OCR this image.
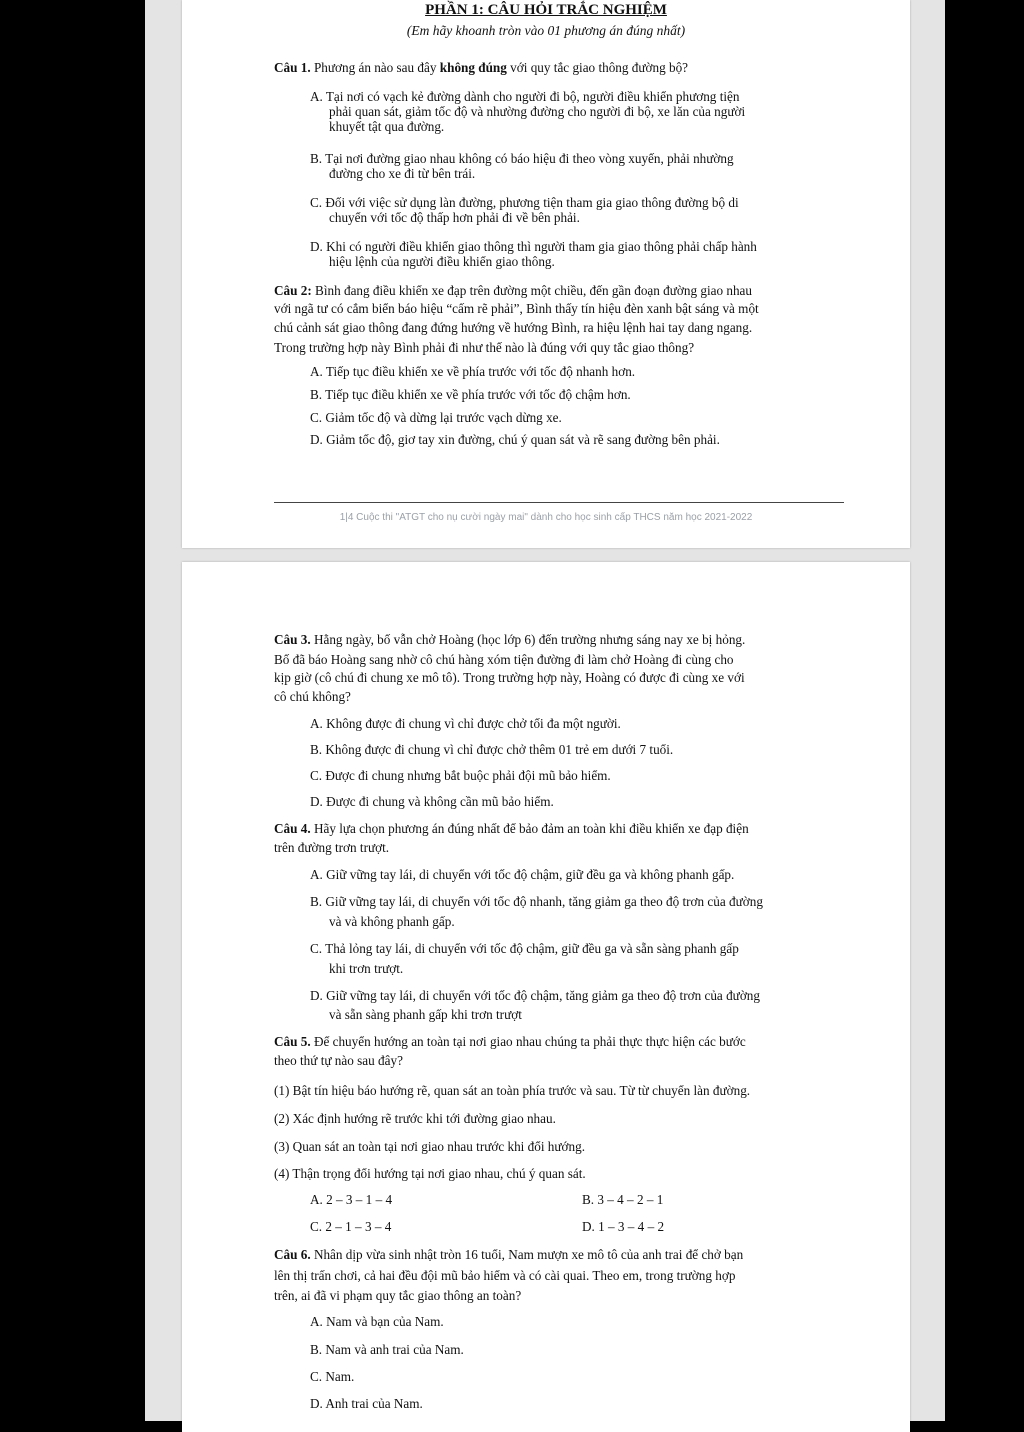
PHẦN 1: CÂU HỎI TRẮC NGHIỆM

(Em hãy khoanh tròn vào 01 phương án đúng nhất)

Câu 1. Phương án nào sau đây không đúng với quy tắc giao thông đường bộ?

A. Tại nơi có vạch kẻ đường dành cho người đi bộ, người điều khiển phương tiện

phải quan sát, giảm tốc độ và nhường đường cho người đi bộ, xe lăn của người

khuyết tật qua đường.

B. Tại nơi đường giao nhau không có báo hiệu đi theo vòng xuyến, phải nhường

đường cho xe đi từ bên trái.

C. Đối với việc sử dụng làn đường, phương tiện tham gia giao thông đường bộ di

chuyển với tốc độ thấp hơn phải đi về bên phải.

D. Khi có người điều khiển giao thông thì người tham gia giao thông phải chấp hành

hiệu lệnh của người điều khiển giao thông.

Câu 2: Bình đang điều khiển xe đạp trên đường một chiều, đến gần đoạn đường giao nhau

với ngã tư có cắm biển báo hiệu “cấm rẽ phải”, Bình thấy tín hiệu đèn xanh bật sáng và một

chú cảnh sát giao thông đang đứng hướng về hướng Bình, ra hiệu lệnh hai tay dang ngang.

Trong trường hợp này Bình phải đi như thế nào là đúng với quy tắc giao thông?

A. Tiếp tục điều khiển xe về phía trước với tốc độ nhanh hơn.

B. Tiếp tục điều khiển xe về phía trước với tốc độ chậm hơn.

C. Giảm tốc độ và dừng lại trước vạch dừng xe.

D. Giảm tốc độ, giơ tay xin đường, chú ý quan sát và rẽ sang đường bên phải.

1|4 Cuộc thi "ATGT cho nụ cười ngày mai" dành cho học sinh cấp THCS năm học 2021-2022

Câu 3. Hằng ngày, bố vẫn chở Hoàng (học lớp 6) đến trường nhưng sáng nay xe bị hỏng.

Bố đã báo Hoàng sang nhờ cô chú hàng xóm tiện đường đi làm chở Hoàng đi cùng cho

kịp giờ (cô chú đi chung xe mô tô). Trong trường hợp này, Hoàng có được đi cùng xe với

cô chú không?

A. Không được đi chung vì chỉ được chở tối đa một người.

B. Không được đi chung vì chỉ được chở thêm 01 trẻ em dưới 7 tuổi.

C. Được đi chung nhưng bắt buộc phải đội mũ bảo hiểm.

D. Được đi chung và không cần mũ bảo hiểm.

Câu 4. Hãy lựa chọn phương án đúng nhất để bảo đảm an toàn khi điều khiển xe đạp điện

trên đường trơn trượt.

A. Giữ vững tay lái, di chuyển với tốc độ chậm, giữ đều ga và không phanh gấp.

B. Giữ vững tay lái, di chuyển với tốc độ nhanh, tăng giảm ga theo độ trơn của đường

và và không phanh gấp.

C. Thả lỏng tay lái, di chuyển với tốc độ chậm, giữ đều ga và sẵn sàng phanh gấp

khi trơn trượt.

D. Giữ vững tay lái, di chuyển với tốc độ chậm, tăng giảm ga theo độ trơn của đường

và sẵn sàng phanh gấp khi trơn trượt

Câu 5. Để chuyển hướng an toàn tại nơi giao nhau chúng ta phải thực thực hiện các bước

theo thứ tự nào sau đây?

(1) Bật tín hiệu báo hướng rẽ, quan sát an toàn phía trước và sau. Từ từ chuyển làn đường.

(2) Xác định hướng rẽ trước khi tới đường giao nhau.

(3) Quan sát an toàn tại nơi giao nhau trước khi đổi hướng.

(4) Thận trọng đổi hướng tại nơi giao nhau, chú ý quan sát.

A. 2 – 3 – 1 – 4	B. 3 – 4 – 2 – 1

C. 2 – 1 – 3 – 4	D. 1 – 3 – 4 – 2

Câu 6. Nhân dịp vừa sinh nhật tròn 16 tuổi, Nam mượn xe mô tô của anh trai để chở bạn

lên thị trấn chơi, cả hai đều đội mũ bảo hiểm và có cài quai. Theo em, trong trường hợp

trên, ai đã vi phạm quy tắc giao thông an toàn?

A. Nam và bạn của Nam.

B. Nam và anh trai của Nam.

C. Nam.

D. Anh trai của Nam.
